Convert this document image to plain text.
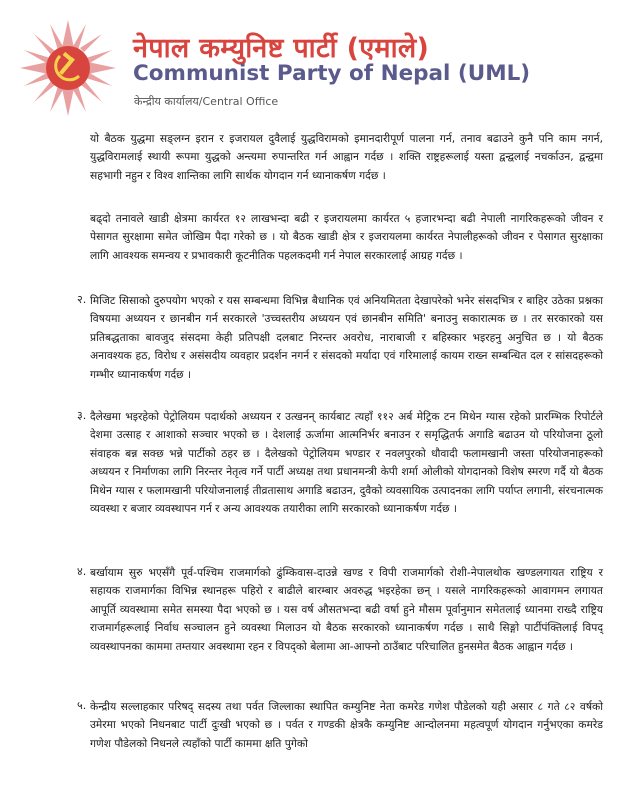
नेपाल कम्युनिष्ट पार्टी (एमाले)
Communist Party of Nepal (UML)
केन्द्रीय कार्यालय/Central Office
यो बैठक युद्धमा सङ्लग्न इरान र इजरायल दुवैलाई युद्धविरामको इमानदारीपूर्ण पालना गर्न, तनाव बढाउने कुनै पनि काम नगर्न, युद्धविरामलाई स्थायी रूपमा युद्धको अन्त्यमा रुपान्तरित गर्न आह्वान गर्दछ । शक्ति राष्ट्रहरूलाई यस्ता द्वन्द्वलाई नचर्काउन, द्वन्द्वमा सहभागी नहुन र विश्व शान्तिका लागि सार्थक योगदान गर्न ध्यानाकर्षण गर्दछ ।
बढ्दो तनावले खाडी क्षेत्रमा कार्यरत १२ लाखभन्दा बढी र इजरायलमा कार्यरत ५ हजारभन्दा बढी नेपाली नागरिकहरूको जीवन र पेसागत सुरक्षामा समेत जोखिम पैदा गरेको छ । यो बैठक खाडी क्षेत्र र इजरायलमा कार्यरत नेपालीहरूको जीवन र पेसागत सुरक्षाका लागि आवश्यक समन्वय र प्रभावकारी कूटनीतिक पहलकदमी गर्न नेपाल सरकारलाई आग्रह गर्दछ ।
२. मिजिट सिसाको दुरुपयोग भएको र यस सम्बन्धमा विभिन्न बैधानिक एवं अनियमितता देखापरेको भनेर संसदभित्र र बाहिर उठेका प्रश्नका विषयमा अध्ययन र छानबीन गर्न सरकारले 'उच्चस्तरीय अध्ययन एवं छानबीन समिति' बनाउनु सकारात्मक छ । तर सरकारको यस प्रतिबद्धताका बावजुद संसदमा केही प्रतिपक्षी दलबाट निरन्तर अवरोध, नाराबाजी र बहिस्कार भइरहनु अनुचित छ । यो बैठक अनावश्यक हठ, विरोध र असंसदीय व्यवहार प्रदर्शन नगर्न र संसदको मर्यादा एवं गरिमालाई कायम राख्न सम्बन्धित दल र सांसदहरूको गम्भीर ध्यानाकर्षण गर्दछ ।
३. दैलेखमा भइरहेको पेट्रोलियम पदार्थको अध्ययन र उत्खनन् कार्यबाट त्यहाँ ११२ अर्ब मेट्रिक टन मिथेन ग्यास रहेको प्रारम्भिक रिपोर्टले देशमा उत्साह र आशाको सञ्चार भएको छ । देशलाई ऊर्जामा आत्मनिर्भर बनाउन र समृद्धितर्फ अगाडि बढाउन यो परियोजना ठूलो संवाहक बन्न सक्छ भन्ने पार्टीको ठहर छ । दैलेखको पेट्रोलियम भण्डार र नवलपुरको धौवादी फलामखानी जस्ता परियोजनाहरूको अध्ययन र निर्माणका लागि निरन्तर नेतृत्व गर्ने पार्टी अध्यक्ष तथा प्रधानमन्त्री केपी शर्मा ओलीको योगदानको विशेष स्मरण गर्दै यो बैठक मिथेन ग्यास र फलामखानी परियोजनालाई तीव्रतासाथ अगाडि बढाउन, दुवैको व्यवसायिक उत्पादनका लागि पर्याप्त लगानी, संरचनात्मक व्यवस्था र बजार व्यवस्थापन गर्न र अन्य आवश्यक तयारीका लागि सरकारको ध्यानाकर्षण गर्दछ ।
४. बर्खायाम सुरु भएसँगै पूर्व-पश्चिम राजमार्गको ढुंम्किवास-दाउन्ने खण्ड र विपी राजमार्गको रोशी-नेपालथोक खण्डलगायत राष्ट्रिय र सहायक राजमार्गका विभिन्न स्थानहरू पहिरो र बाढीले बारम्बार अवरुद्ध भइरहेका छन् । यसले नागरिकहरूको आवागमन लगायत आपूर्ति व्यवस्थामा समेत समस्या पैदा भएको छ । यस वर्ष औसतभन्दा बढी वर्षा हुने मौसम पूर्वानुमान समेतलाई ध्यानमा राख्दै राष्ट्रिय राजमार्गहरूलाई निर्वाध सञ्चालन हुने व्यवस्था मिलाउन यो बैठक सरकारको ध्यानाकर्षण गर्दछ । साथै सिङ्गो पार्टीपंक्तिलाई विपद् व्यवस्थापनका काममा तम्तयार अवस्थामा रहन र विपद्को बेलामा आ-आफ्नो ठाउँबाट परिचालित हुनसमेत बैठक आह्वान गर्दछ ।
५. केन्द्रीय सल्लाहकार परिषद् सदस्य तथा पर्वत जिल्लाका स्थापित कम्युनिष्ट नेता कमरेड गणेश पौडेलको यही असार ८ गते ८२ वर्षको उमेरमा भएको निधनबाट पार्टी दुःखी भएको छ । पर्वत र गण्डकी क्षेत्रकै कम्युनिष्ट आन्दोलनमा महत्वपूर्ण योगदान गर्नुभएका कमरेड गणेश पौडेलको निधनले त्यहाँको पार्टी काममा क्षति पुगेको
